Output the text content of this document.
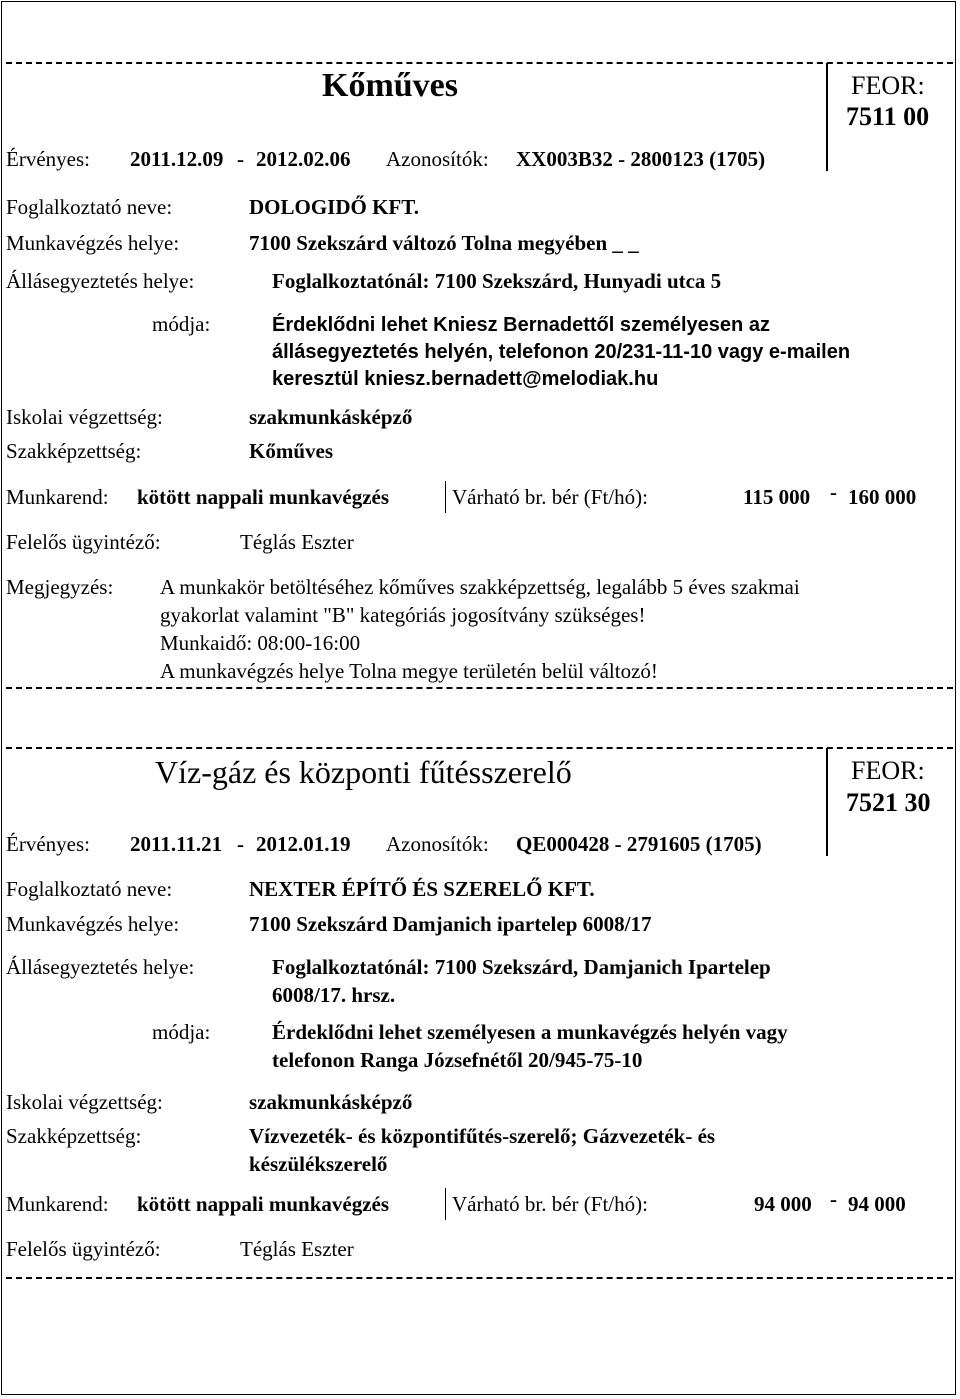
Kőműves	FEOR:
7511 00
Érvényes: 2011.12.09 - 2012.02.06 Azonosítók: XX003B32 - 2800123 (1705)
Foglalkoztató neve:	DOLOGIDŐ KFT.
Munkavégzés helye:	7100 Szekszárd változó Tolna megyében _ _
Állásegyeztetés helye:	Foglalkoztatónál: 7100 Szekszárd, Hunyadi utca 5
módja:	Érdeklődni lehet Kniesz Bernadettől személyesen az
állásegyeztetés helyén, telefonon 20/231-11-10 vagy e-mailen
keresztül kniesz.bernadett@melodiak.hu
Iskolai végzettség:	szakmunkásképző
Szakképzettség:	Kőműves
Munkarend: kötött nappali munkavégzés	Várható br. bér (Ft/hó):	115 000 - 160 000
Felelős ügyintéző:	Téglás Eszter
Megjegyzés: A munkakör betöltéséhez kőműves szakképzettség, legalább 5 éves szakmai
gyakorlat valamint "B" kategóriás jogosítvány szükséges!
Munkaidő: 08:00-16:00
A munkavégzés helye Tolna megye területén belül változó!
Víz-gáz és központi fűtésszerelő	FEOR:
7521 30
Érvényes: 2011.11.21 - 2012.01.19 Azonosítók: QE000428 - 2791605 (1705)
Foglalkoztató neve:	NEXTER ÉPÍTŐ ÉS SZERELŐ KFT.
Munkavégzés helye:	7100 Szekszárd Damjanich ipartelep 6008/17
Állásegyeztetés helye:	Foglalkoztatónál: 7100 Szekszárd, Damjanich Ipartelep
6008/17. hrsz.
módja:	Érdeklődni lehet személyesen a munkavégzés helyén vagy
telefonon Ranga Józsefnétől 20/945-75-10
Iskolai végzettség:	szakmunkásképző
Szakképzettség:	Vízvezeték- és központifűtés-szerelő; Gázvezeték- és
készülékszerelő
Munkarend: kötött nappali munkavégzés	Várható br. bér (Ft/hó):	94 000 - 94 000
Felelős ügyintéző:	Téglás Eszter
